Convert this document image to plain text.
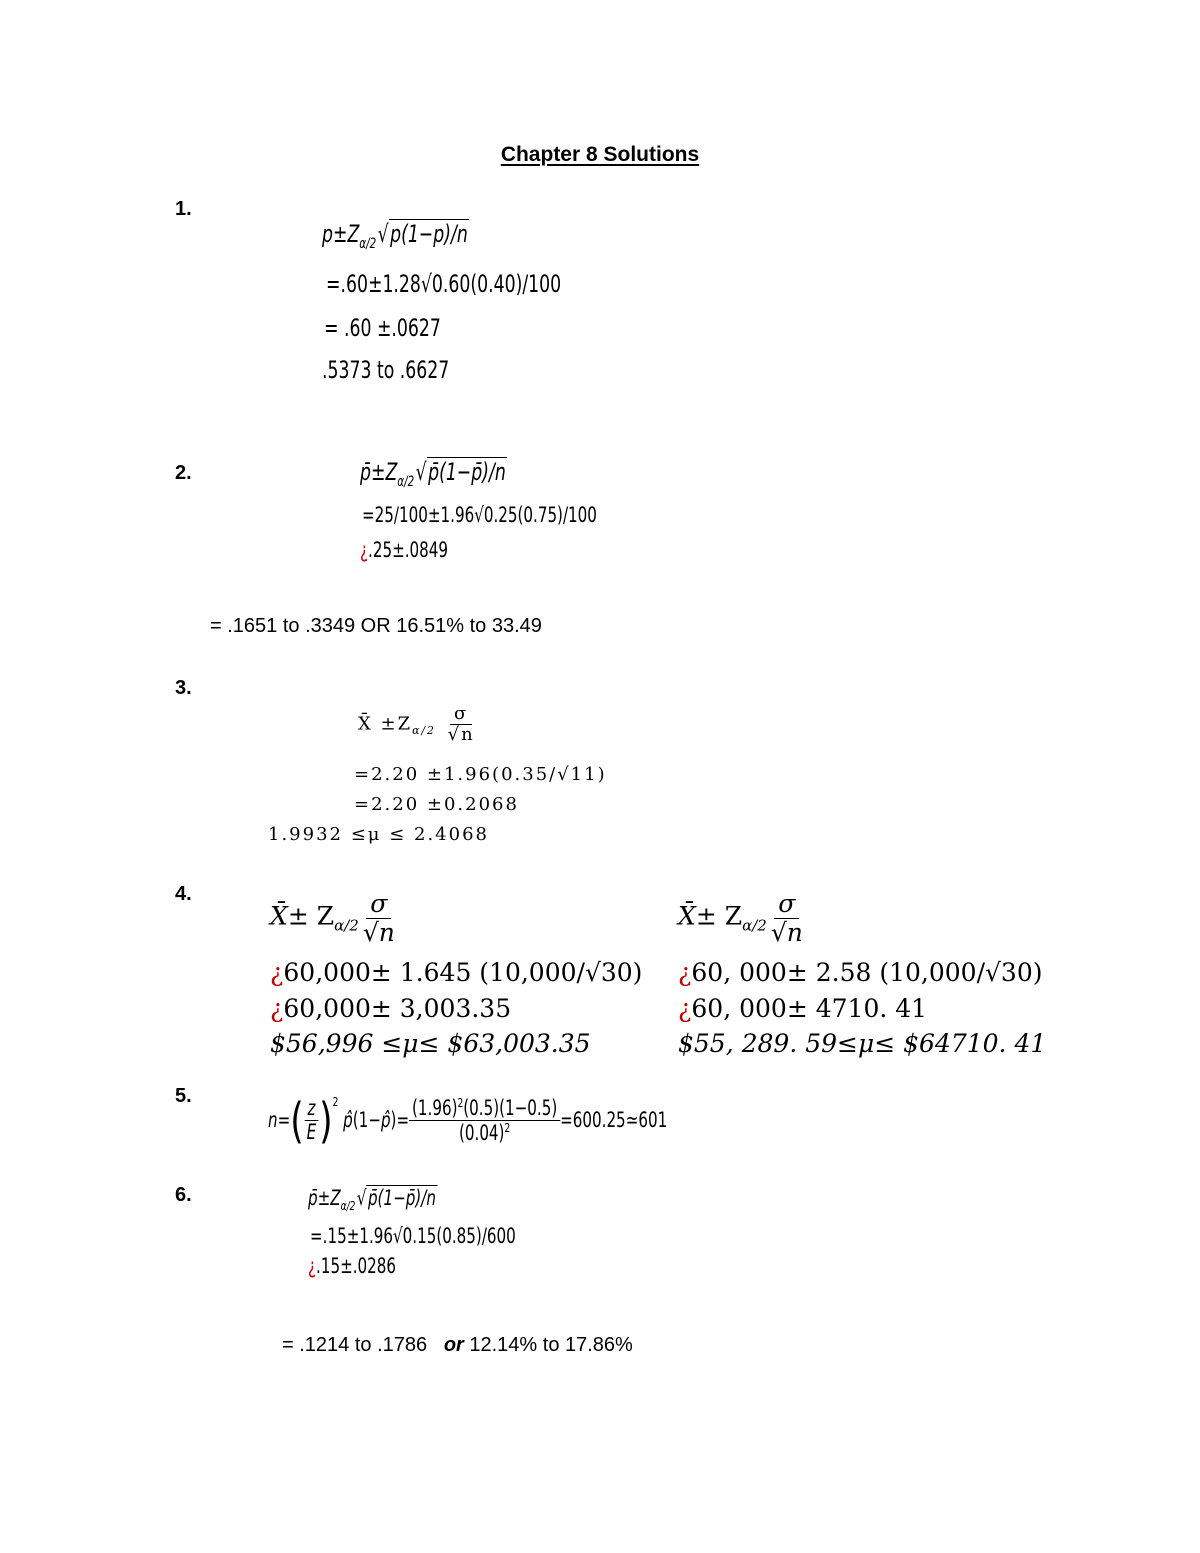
Chapter 8 Solutions
1.
$p\pm Z_{\alpha/2}√p(1-p)/n$
=.60±1.28√0.60(0.40)/100
= .60 ±.0627
.5373 to .6627
2.	$p̄\pm Z_{\alpha/2}√p̄(1-p̄)/n$
=25/100±1.96√0.25(0.75)/100
¿.25±.0849
= .1651 to .3349 OR 16.51% to 33.49
3.
X̄ $\pm Z_{\alpha/2} \frac{\sigma}{√n}$
=2.20 ±1.96(0.35/√11)
=2.20 ±0.2068
1.9932 ≤μ ≤ 2.4068
4.
X̄± $Z_{\alpha/2} \frac{\sigma}{√n}$
¿60,000± 1.645 (10,000/√30)
¿60,000± 3,003.35
$56,996 ≤μ≤ $63,003.35
X̄± $Z_{\alpha/2} \frac{\sigma}{√n}$
¿60, 000± 2.58 (10,000/√30)
¿60, 000± 4710. 41
$55, 289. 59≤μ≤ $64710. 41
5.
n = ( $\frac{z}{E} )^2$
p̂ (1− p̂ )= $\frac{(1.96)^2(0.5)(1-0.5)}{(0.04)^2}$ =600.25≃601
6.	$p̄\pm Z_{\alpha/2}√p̄(1-p̄)/n$
=.15±1.96√0.15(0.85)/600
¿.15±.0286
= .1214 to .1786 or 12.14% to 17.86%
